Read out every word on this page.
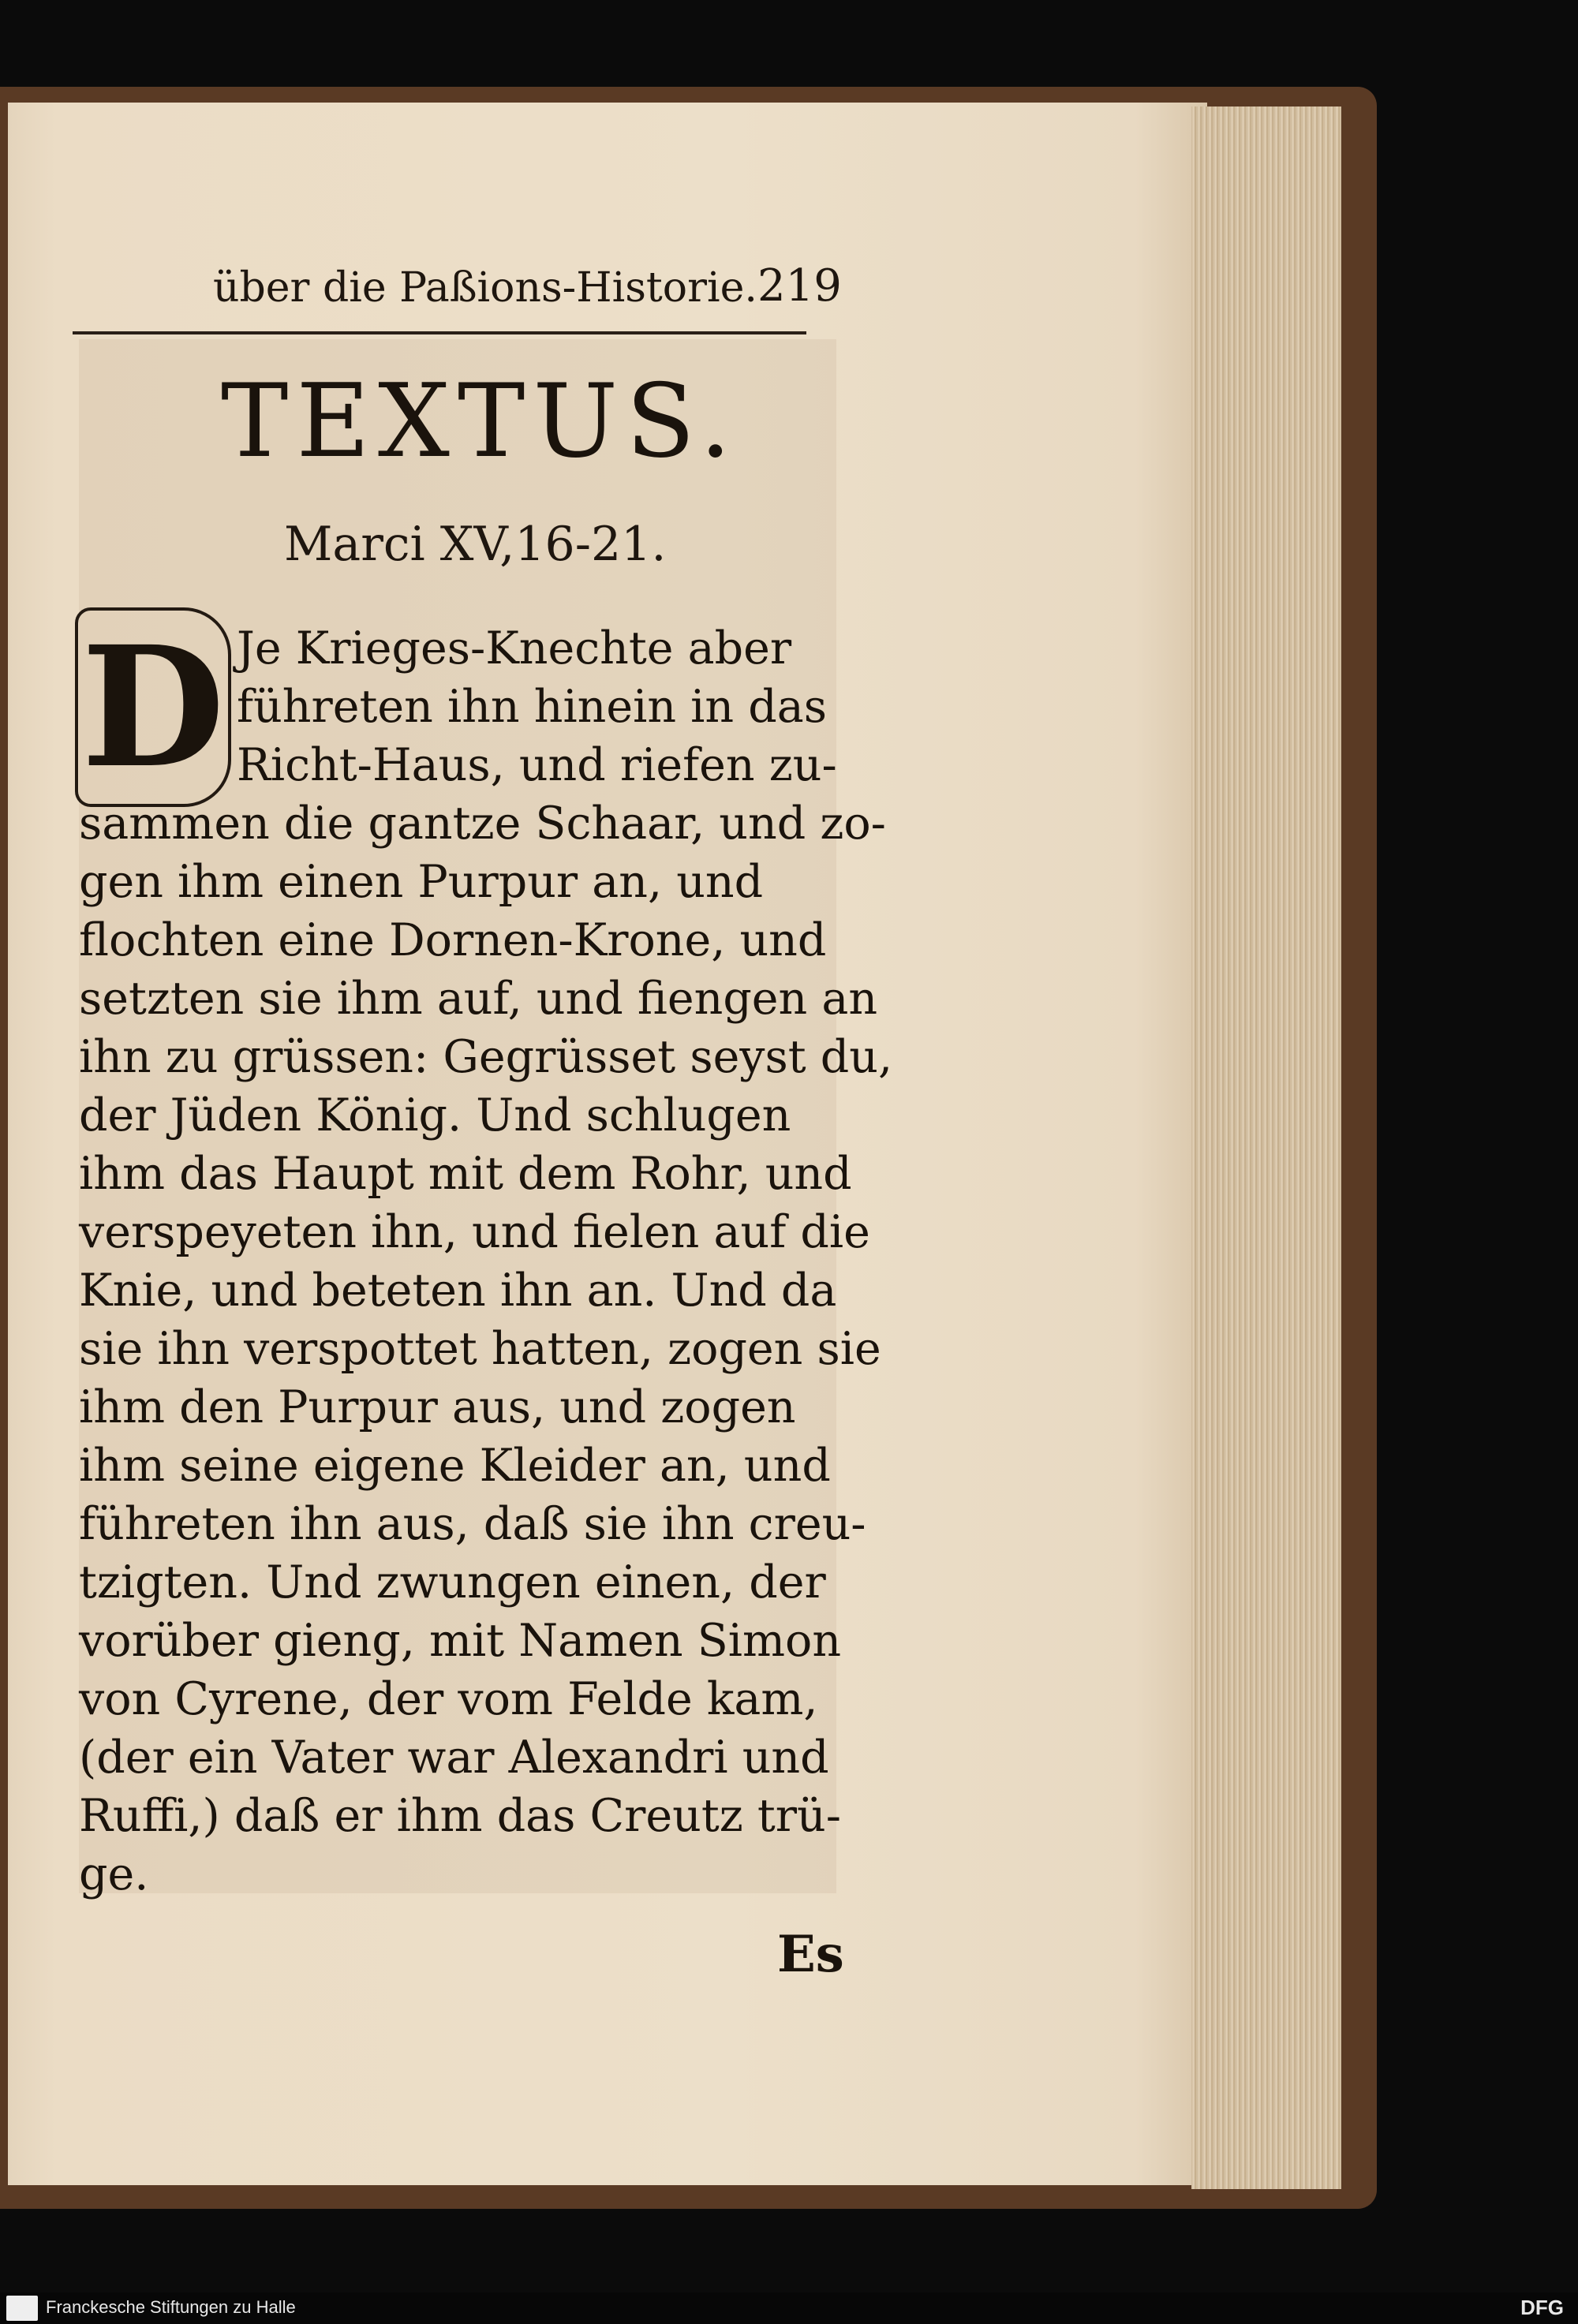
über die Paßions-Historie. 219
TEXTUS.
Marci XV,16-21.
D Je Krieges-Knechte aber
führeten ihn hinein in das
Richt-Haus, und riefen zu-
sammen die gantze Schaar, und zo-
gen ihm einen Purpur an, und
flochten eine Dornen-Krone, und
setzten sie ihm auf, und fiengen an
ihn zu grüssen: Gegrüsset seyst du,
der Jüden König. Und schlugen
ihm das Haupt mit dem Rohr, und
verspeyeten ihn, und fielen auf die
Knie, und beteten ihn an. Und da
sie ihn verspottet hatten, zogen sie
ihm den Purpur aus, und zogen
ihm seine eigene Kleider an, und
führeten ihn aus, daß sie ihn creu-
tzigten. Und zwungen einen, der
vorüber gieng, mit Namen Simon
von Cyrene, der vom Felde kam,
(der ein Vater war Alexandri und
Ruffi,) daß er ihm das Creutz trü-
ge.
Es
Franckesche Stiftungen zu Halle	DFG
